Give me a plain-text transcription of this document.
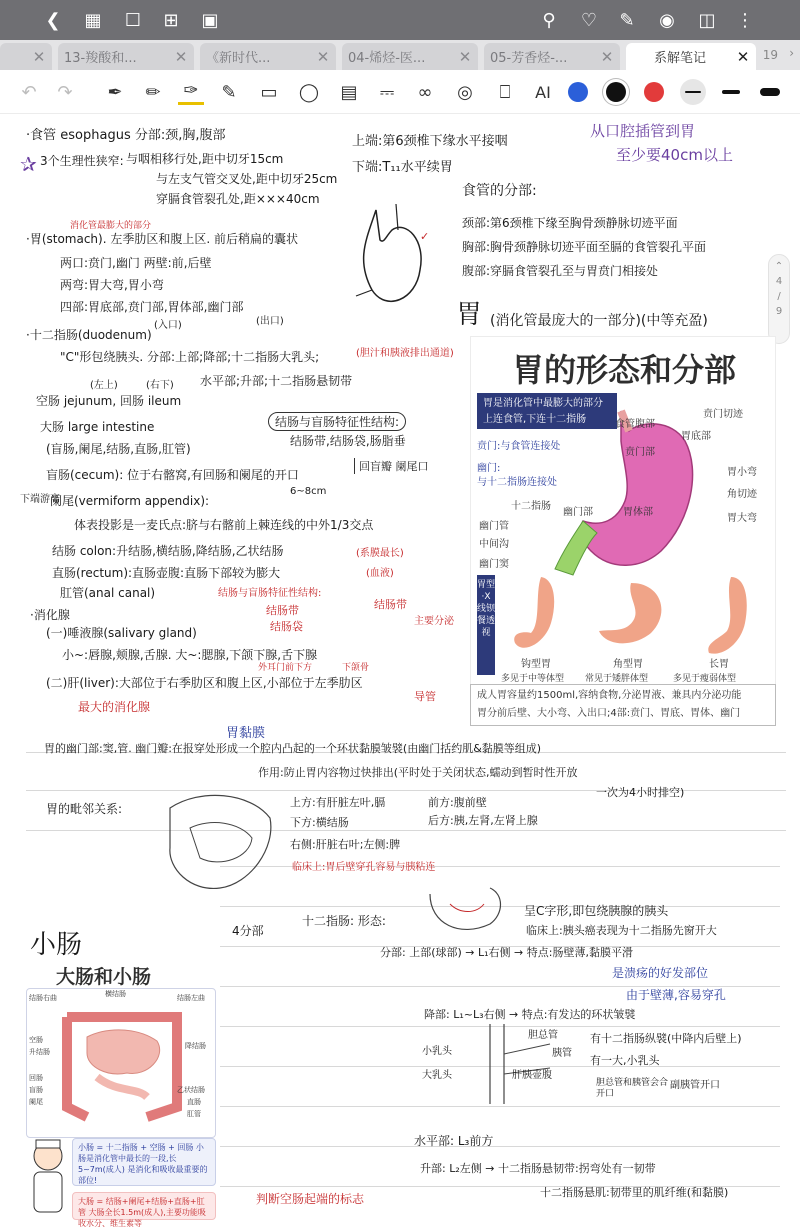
❮	▦ ☐	⊞	▣	⚲	♡	✎	◉ ◫ ⋮
✕ 13-羧酸和...	✕ 《新时代...	✕ 04-烯烃-医...	✕ 05-芳香烃-...	✕	系解笔记	✕ 19 ›
↶	↷	✒	✏	✑	✎	▭ ◯ ▤	⎓	∞	◎	⎕	AI
⌃
4
/
9
·食管 esophagus 分部:颈,胸,腹部
✰ 3个生理性狭窄: 与咽相移行处,距中切牙15cm
与左支气管交叉处,距中切牙25cm
穿膈食管裂孔处,距×××40cm
上端:第6颈椎下缘水平接咽
下端:T₁₁水平续胃
从口腔插管到胃
至少要40cm以上
食管的分部:
颈部:第6颈椎下缘至胸骨颈静脉切迹平面
胸部:胸骨颈静脉切迹平面至膈的食管裂孔平面
腹部:穿膈食管裂孔至与胃贲门相接处
消化管最膨大的部分
·胃(stomach). 左季肋区和腹上区. 前后稍扁的囊状
两口:贲门,幽门 两壁:前,后壁
两弯:胃大弯,胃小弯
四部:胃底部,贲门部,胃体部,幽门部
(入口)	(出口)
✓
胃 (消化管最庞大的一部分)(中等充盈)
·十二指肠(duodenum)
"C"形包绕胰头. 分部:上部;降部;十二指肠大乳头;	(胆汁和胰液排出通道)
(左上)	(右下) 水平部;升部;十二指肠悬韧带
空肠 jejunum, 回肠 ileum
大肠 large intestine
(盲肠,阑尾,结肠,直肠,肛管)
结肠与盲肠特征性结构:
结肠带,结肠袋,肠脂垂
盲肠(cecum): 位于右髂窝,有回肠和阑尾的开口
回盲瓣 阑尾口
6~8cm
下端游离
阑尾(vermiform appendix):
体表投影是一麦氏点:脐与右髂前上棘连线的中外1/3交点
结肠 colon:升结肠,横结肠,降结肠,乙状结肠	(系膜最长)
直肠(rectum):直肠壶腹:直肠下部较为膨大	(血液)
肛管(anal canal)	结肠与盲肠特征性结构:
结肠带
结肠袋
结肠带
主要分泌
·消化腺
(一)唾液腺(salivary gland)
小~:唇腺,颊腺,舌腺. 大~:腮腺,下颌下腺,舌下腺
外耳门前下方	下颌骨
(二)肝(liver):大部位于右季肋区和腹上区,小部位于左季肋区
最大的消化腺
导管
胃的形态和分部
胃是消化管中最膨大的部分 上连食管,下连十二指肠	贲门切迹
食管腹部
胃底部
贲门:与食管连接处
贲门部
幽门:
与十二指肠连接处
胃小弯
角切迹
十二指肠
幽门部	胃体部
胃大弯
幽门管
中间沟
幽门窦
胃型·X线钡餐透视
钩型胃	角型胃	长胃
多见于中等体型 常见于矮胖体型	多见于瘦弱体型
成人胃容量约1500ml,容纳食物,分泌胃液、兼具内分泌功能
胃分前后壁、大小弯、入出口;4部:贲门、胃底、胃体、幽门
胃黏膜
胃的幽门部:窦,管. 幽门瓣:在报穿处形成一个腔内凸起的一个环状黏膜皱襞(由幽门括约肌&黏膜等组成)
作用:防止胃内容物过快排出(平时处于关闭状态,蠕动到暂时性开放
一次为4小时排空)
胃的毗邻关系:	上方:有肝脏左叶,膈	前方:腹前壁
下方:横结肠	后方:胰,左肾,左肾上腺
右侧:肝脏右叶;左侧:脾
临床上:胃后壁穿孔容易与胰粘连
小肠	4分部
十二指肠: 形态:
呈C字形,即包绕胰腺的胰头
临床上:胰头癌表现为十二指肠先窗开大
分部: 上部(球部) → L₁右侧 → 特点:肠壁薄,黏膜平滑
是溃疡的好发部位
由于壁薄,容易穿孔
降部: L₁~L₃右侧 → 特点:有发达的环状皱襞
胆总管
胰管
小乳头
大乳头	肝胰壶腹
有十二指肠纵襞(中降内后壁上)
有一大,小乳头
胆总管和胰管会合开口
副胰管开口
水平部: L₃前方
升部: L₂左侧 → 十二指肠悬韧带:拐弯处有一韧带
判断空肠起端的标志	十二指肠悬肌:韧带里的肌纤维(和黏膜)
大肠和小肠
结肠右曲	横结肠	结肠左曲
空肠
升结肠
降结肠
回肠
盲肠
阑尾
乙状结肠
直肠
肛管
小肠 = 十二指肠 + 空肠 + 回肠 小肠是消化管中最长的一段,长5~7m(成人) 是消化和吸收最重要的部位!
大肠 = 结肠+阑尾+结肠+直肠+肛管 大肠全长1.5m(成人),主要功能吸收水分、维生素等
